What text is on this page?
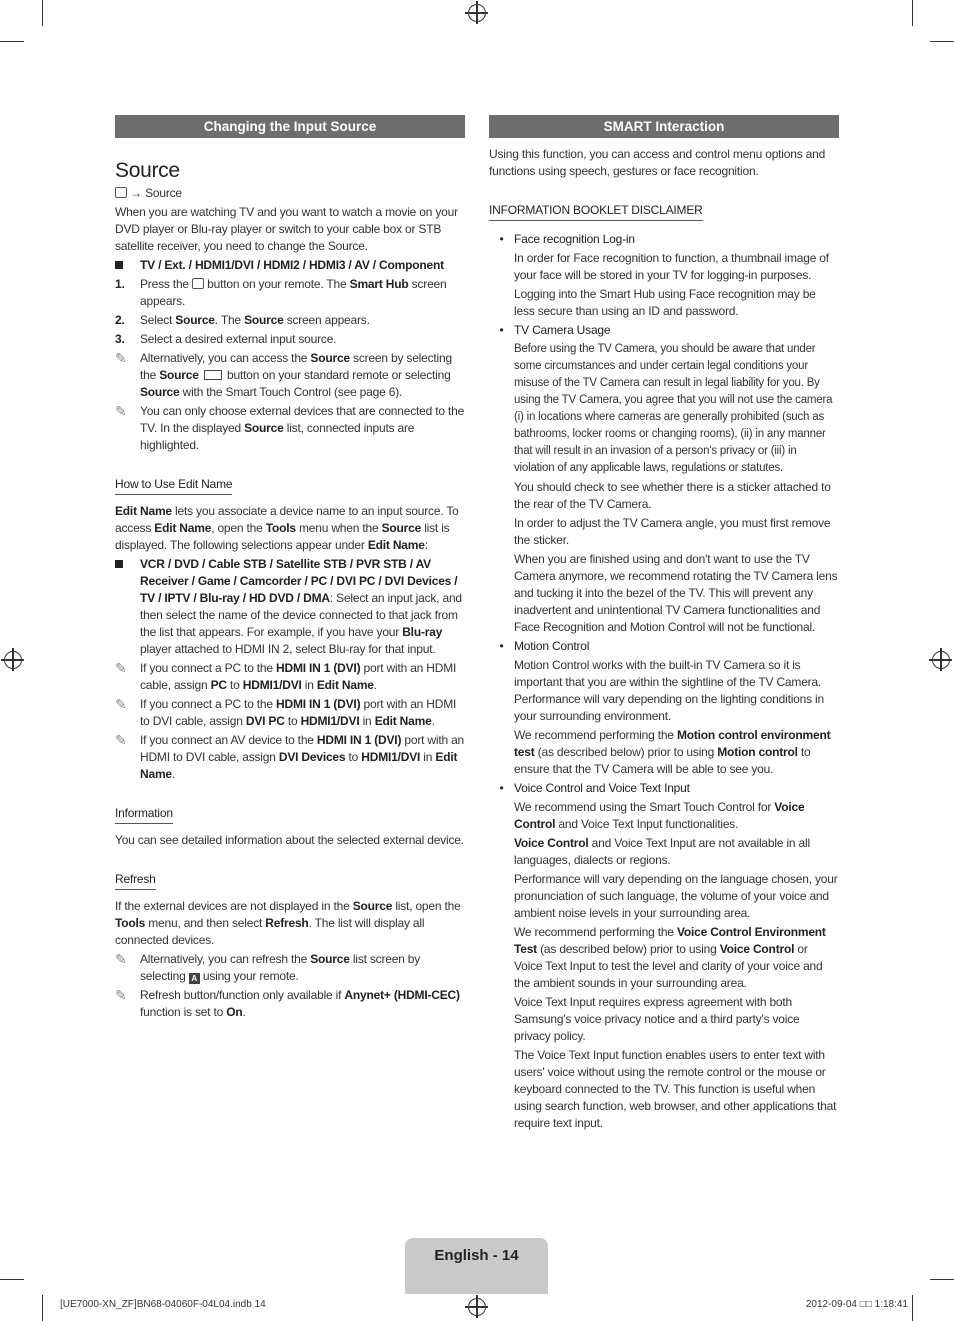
Changing the Input Source
Source

→ Source

When you are watching TV and you want to watch a movie on your DVD player or Blu-ray player or switch to your cable box or STB satellite receiver, you need to change the Source.

TV / Ext. / HDMI1/DVI / HDMI2 / HDMI3 / AV / Component
1.	Press the button on your remote. The Smart Hub screen appears.
2.	Select Source. The Source screen appears.
3.	Select a desired external input source.
✎	Alternatively, you can access the Source screen by selecting the Source button on your standard remote or selecting Source with the Smart Touch Control (see page 6).
✎	You can only choose external devices that are connected to the TV. In the displayed Source list, connected inputs are highlighted.
How to Use Edit Name

Edit Name lets you associate a device name to an input source. To access Edit Name, open the Tools menu when the Source list is displayed. The following selections appear under Edit Name:

VCR / DVD / Cable STB / Satellite STB / PVR STB / AV Receiver / Game / Camcorder / PC / DVI PC / DVI Devices / TV / IPTV / Blu-ray / HD DVD / DMA: Select an input jack, and then select the name of the device connected to that jack from the list that appears. For example, if you have your Blu-ray player attached to HDMI IN 2, select Blu-ray for that input.
✎	If you connect a PC to the HDMI IN 1 (DVI) port with an HDMI cable, assign PC to HDMI1/DVI in Edit Name.
✎	If you connect a PC to the HDMI IN 1 (DVI) port with an HDMI to DVI cable, assign DVI PC to HDMI1/DVI in Edit Name.
✎	If you connect an AV device to the HDMI IN 1 (DVI) port with an HDMI to DVI cable, assign DVI Devices to HDMI1/DVI in Edit Name.
Information

You can see detailed information about the selected external device.

Refresh

If the external devices are not displayed in the Source list, open the Tools menu, and then select Refresh. The list will display all connected devices.

✎	Alternatively, you can refresh the Source list screen by selecting A using your remote.
✎	Refresh button/function only available if Anynet+ (HDMI-CEC) function is set to On.
SMART Interaction

Using this function, you can access and control menu options and functions using speech, gestures or face recognition.

INFORMATION BOOKLET DISCLAIMER
• Face recognition Log-in

In order for Face recognition to function, a thumbnail image of your face will be stored in your TV for logging-in purposes.

Logging into the Smart Hub using Face recognition may be less secure than using an ID and password.

• TV Camera Usage

Before using the TV Camera, you should be aware that under some circumstances and under certain legal conditions your misuse of the TV Camera can result in legal liability for you. By using the TV Camera, you agree that you will not use the camera (i) in locations where cameras are generally prohibited (such as bathrooms, locker rooms or changing rooms), (ii) in any manner that will result in an invasion of a person's privacy or (iii) in violation of any applicable laws, regulations or statutes.

You should check to see whether there is a sticker attached to the rear of the TV Camera.

In order to adjust the TV Camera angle, you must first remove the sticker.

When you are finished using and don't want to use the TV Camera anymore, we recommend rotating the TV Camera lens and tucking it into the bezel of the TV. This will prevent any inadvertent and unintentional TV Camera functionalities and Face Recognition and Motion Control will not be functional.

• Motion Control

Motion Control works with the built-in TV Camera so it is important that you are within the sightline of the TV Camera. Performance will vary depending on the lighting conditions in your surrounding environment.

We recommend performing the Motion control environment test (as described below) prior to using Motion control to ensure that the TV Camera will be able to see you.

• Voice Control and Voice Text Input

We recommend using the Smart Touch Control for Voice Control and Voice Text Input functionalities.

Voice Control and Voice Text Input are not available in all languages, dialects or regions.

Performance will vary depending on the language chosen, your pronunciation of such language, the volume of your voice and ambient noise levels in your surrounding area.

We recommend performing the Voice Control Environment Test (as described below) prior to using Voice Control or Voice Text Input to test the level and clarity of your voice and the ambient sounds in your surrounding area.

Voice Text Input requires express agreement with both Samsung's voice privacy notice and a third party's voice privacy policy.

The Voice Text Input function enables users to enter text with users' voice without using the remote control or the mouse or keyboard connected to the TV. This function is useful when using search function, web browser, and other applications that require text input.

English - 14
[UE7000-XN_ZF]BN68-04060F-04L04.indb 14	2012-09-04 □□ 1:18:41
